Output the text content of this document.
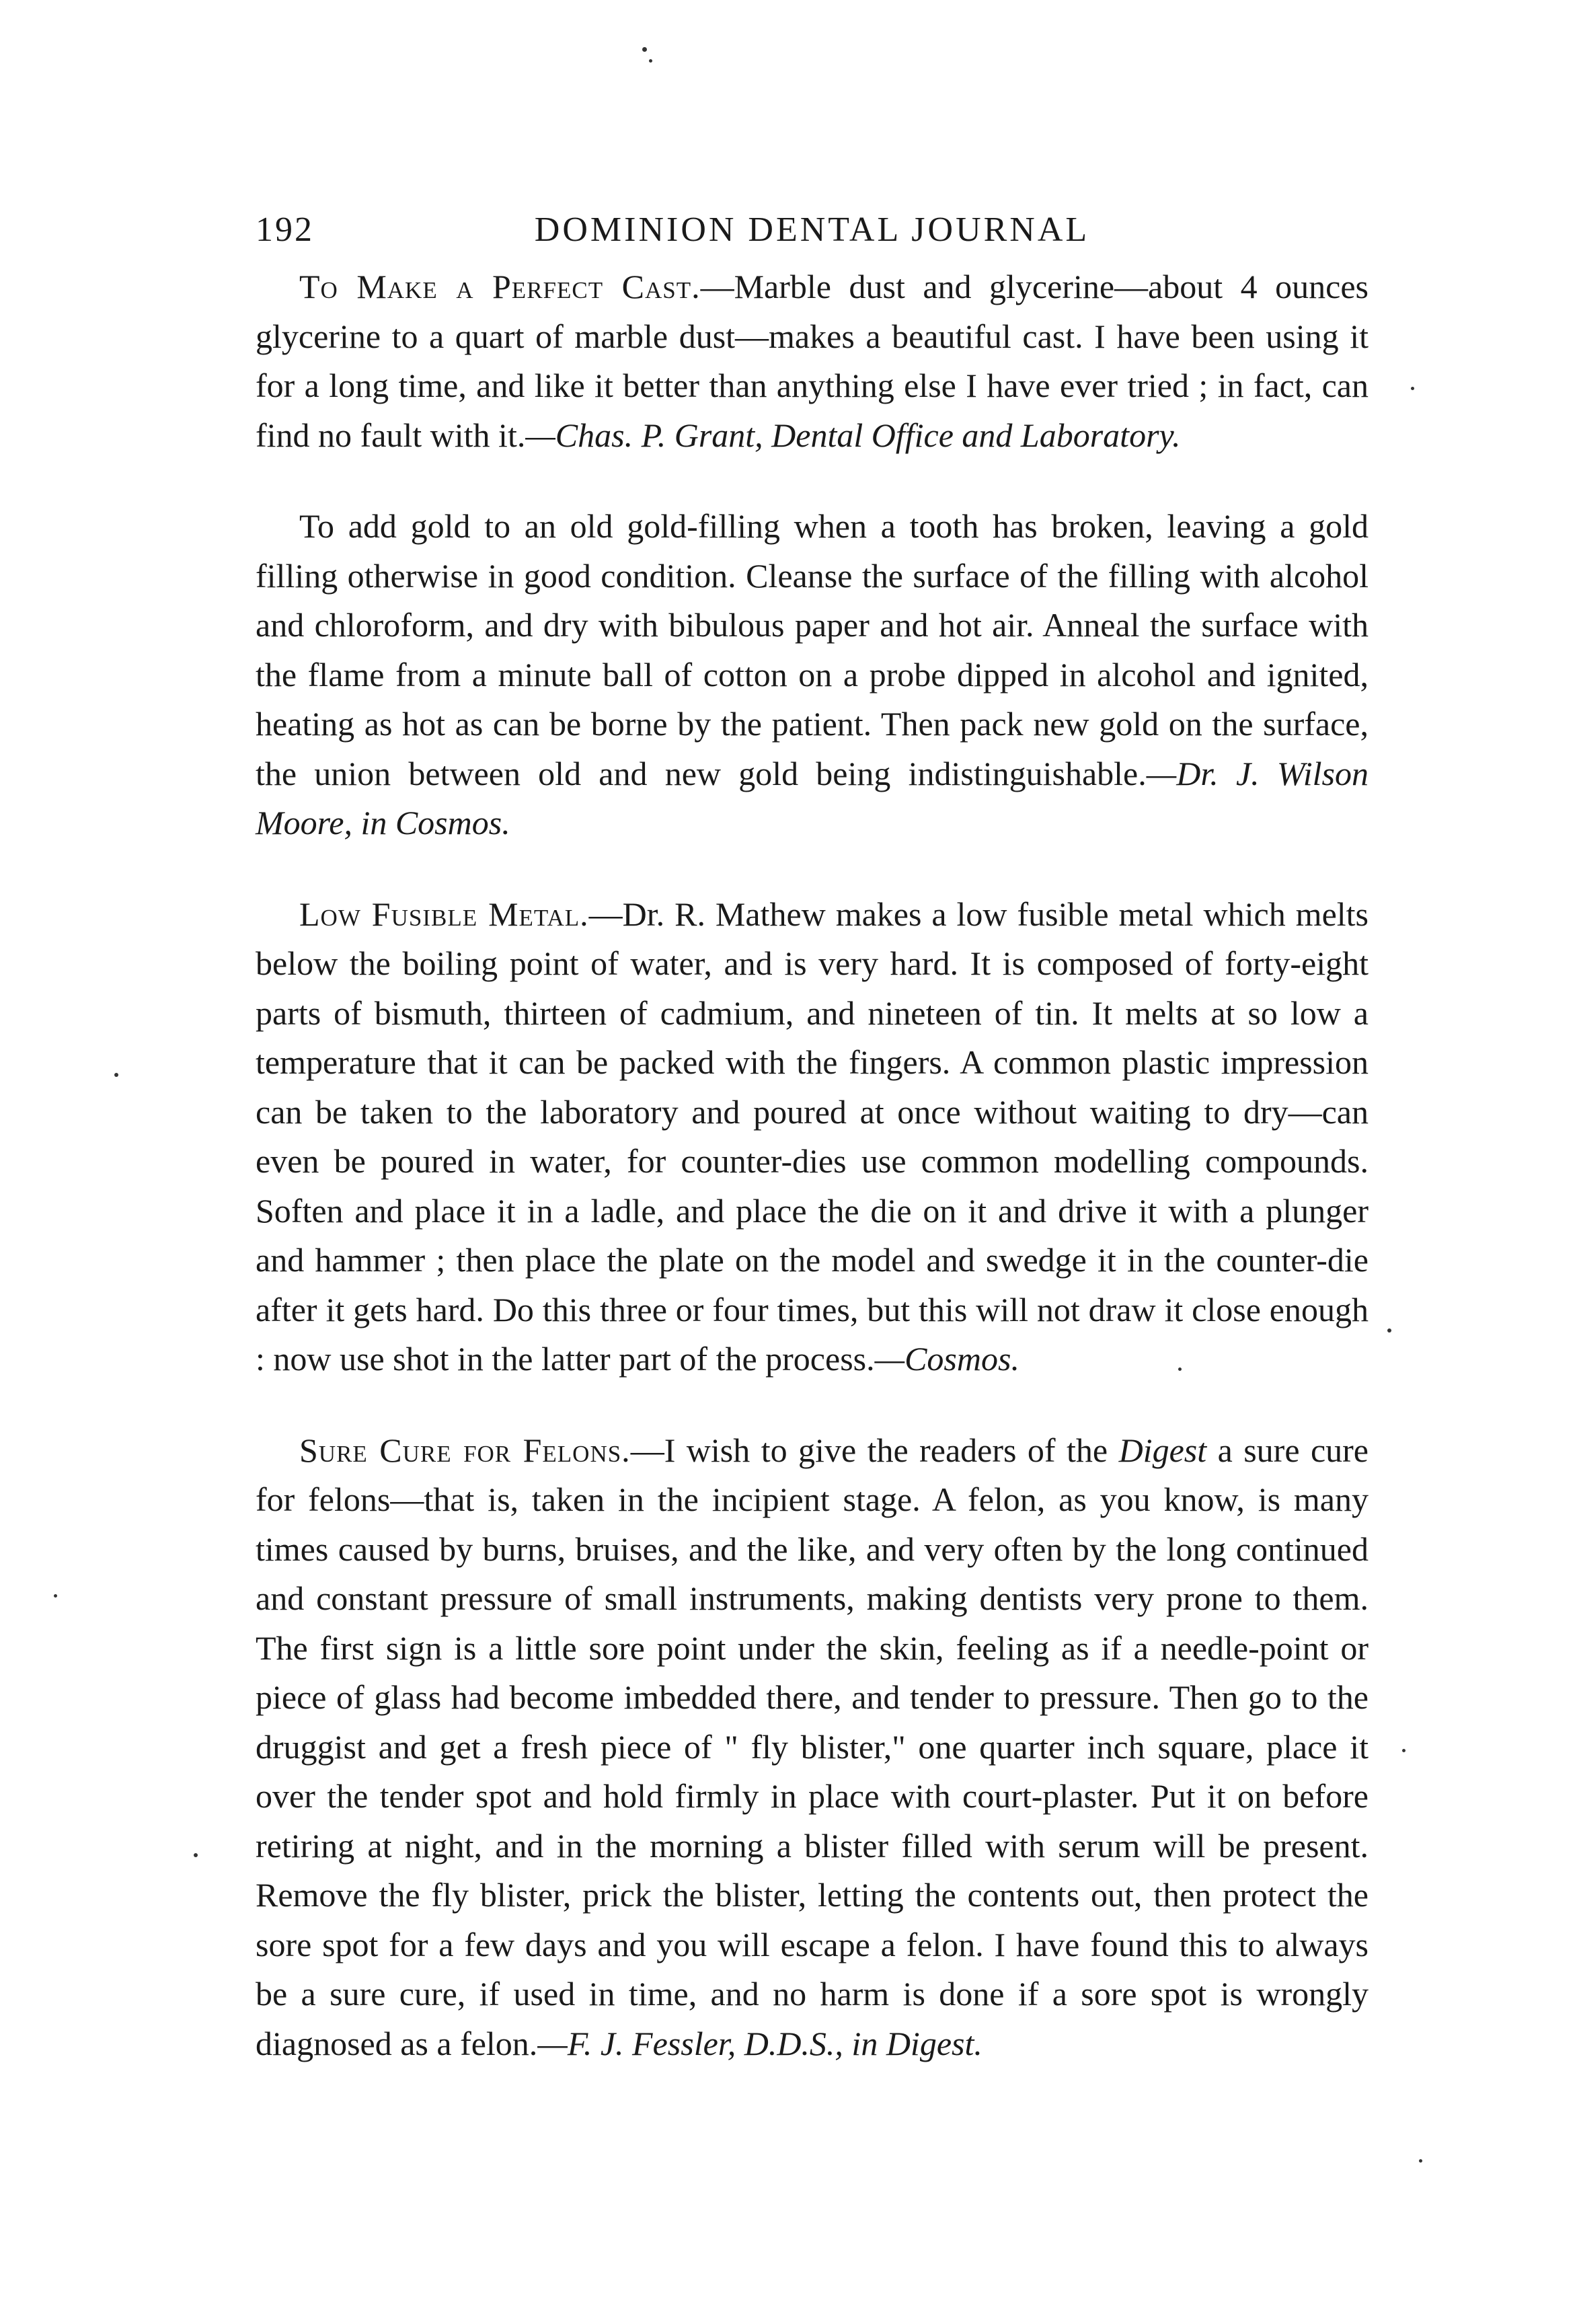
192	DOMINION DENTAL JOURNAL

To Make a Perfect Cast.—Marble dust and glycerine—about 4 ounces glycerine to a quart of marble dust—makes a beautiful cast. I have been using it for a long time, and like it better than anything else I have ever tried ; in fact, can find no fault with it.—Chas. P. Grant, Dental Office and Laboratory.

To add gold to an old gold-filling when a tooth has broken, leaving a gold filling otherwise in good condition. Cleanse the surface of the filling with alcohol and chloroform, and dry with bibulous paper and hot air. Anneal the surface with the flame from a minute ball of cotton on a probe dipped in alcohol and ignited, heating as hot as can be borne by the patient. Then pack new gold on the surface, the union between old and new gold being indistinguishable.—Dr. J. Wilson Moore, in Cosmos.

Low Fusible Metal.—Dr. R. Mathew makes a low fusible metal which melts below the boiling point of water, and is very hard. It is composed of forty-eight parts of bismuth, thirteen of cadmium, and nineteen of tin. It melts at so low a temperature that it can be packed with the fingers. A common plastic impression can be taken to the laboratory and poured at once without waiting to dry—can even be poured in water, for counter-dies use common modelling compounds. Soften and place it in a ladle, and place the die on it and drive it with a plunger and hammer ; then place the plate on the model and swedge it in the counter-die after it gets hard. Do this three or four times, but this will not draw it close enough : now use shot in the latter part of the process.—Cosmos.

Sure Cure for Felons.—I wish to give the readers of the Digest a sure cure for felons—that is, taken in the incipient stage. A felon, as you know, is many times caused by burns, bruises, and the like, and very often by the long continued and constant pressure of small instruments, making dentists very prone to them. The first sign is a little sore point under the skin, feeling as if a needle-point or piece of glass had become imbedded there, and tender to pressure. Then go to the druggist and get a fresh piece of " fly blister," one quarter inch square, place it over the tender spot and hold firmly in place with court-plaster. Put it on before retiring at night, and in the morning a blister filled with serum will be present. Remove the fly blister, prick the blister, letting the contents out, then protect the sore spot for a few days and you will escape a felon. I have found this to always be a sure cure, if used in time, and no harm is done if a sore spot is wrongly diagnosed as a felon.—F. J. Fessler, D.D.S., in Digest.
